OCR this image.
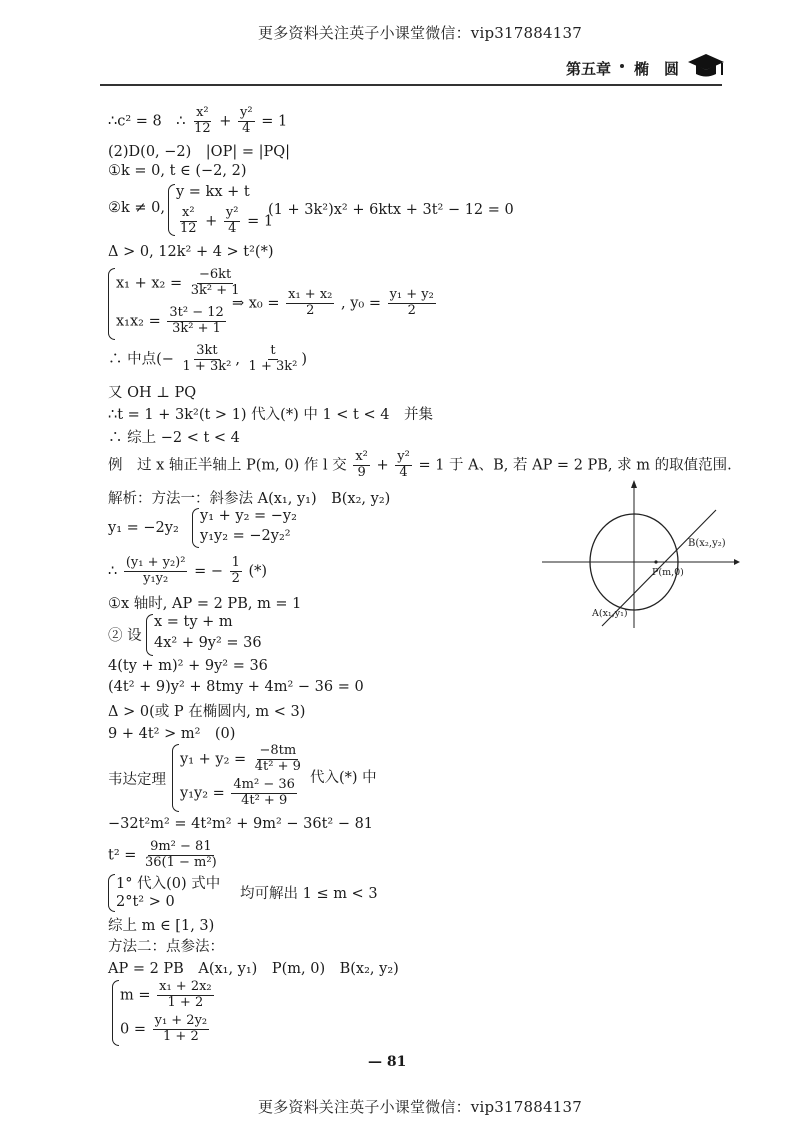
更多资料关注英子小课堂微信：vip317884137
第五章 椭　圆
∴c² = 8　∴ $\frac{\text{x²}}{12} + \frac{\text{y²}}{4} = 1$
(2)D(0, −2)　|OP| = |PQ|
①k = 0, t ∈ (−2, 2)
②k ≠ 0,
y = kx + t
$\frac{\text{x²}}{12} + \frac{\text{y²}}{4} = 1$
(1 + 3k²)x² + 6ktx + 3t² − 12 = 0
Δ > 0, 12k² + 4 > t²(*)
$x_1 + x_2 = \frac{-6kt}{\text{3k² + 1}}$
$x_1x_2 = \frac{\text{3t² − 12}}{\text{3k² + 1}}$
⇒ $x_0 = \frac{\text{x₁ + x₂}}{2}$ , $y_0 = \frac{\text{y₁ + y₂}}{2}$
∴ 中点(− $\frac{3kt}{\text{1 + 3k²}}$ , $\frac{t}{\text{1 + 3k²}}$ )
又 OH ⊥ PQ
∴t = 1 + 3k²(t > 1) 代入(*) 中 1 < t < 4　并集
∴ 综上 −2 < t < 4
例　过 x 轴正半轴上 P(m, 0) 作 l 交 $\frac{\text{x²}}{9} + \frac{\text{y²}}{4} = 1$ 于 A、B, 若 AP = 2 PB, 求 m 的取值范围.
解析：方法一：斜参法 A(x₁, y₁)　B(x₂, y₂)
y₁ = −2y₂
y₁ + y₂ = −y₂
y₁y₂ = −2y₂²
∴ $\frac{\text{(y₁ + y₂)²}}{\text{y₁y₂}}$ = − $\frac{1}{2}$ (*)
①x 轴时, AP = 2 PB, m = 1
② 设
x = ty + m
4x² + 9y² = 36
4(ty + m)² + 9y² = 36
(4t² + 9)y² + 8tmy + 4m² − 36 = 0
Δ > 0(或 P 在椭圆内, m < 3)
9 + 4t² > m²　(0)
韦达定理
$y_1 + y_2 = \frac{-8tm}{\text{4t² + 9}}$
$y_1y_2 = \frac{\text{4m² − 36}}{\text{4t² + 9}}$ 代入(*) 中
−32t²m² = 4t²m² + 9m² − 36t² − 81
$t^2 = \frac{\text{9m² − 81}}{\text{36(1 − m²)}}$
1° 代入(0) 式中
2°t² > 0	均可解出 1 ≤ m < 3
综上 m ∈ [1, 3)
方法二：点参法：
AP = 2 PB　A(x₁, y₁)　P(m, 0)　B(x₂, y₂)
$m = \frac{\text{x₁ + 2x₂}}{1 + 2}$
$0 = \frac{\text{y₁ + 2y₂}}{1 + 2}$
B(x₂,y₂)
P(m,0)
A(x₁,y₁)
— 81
更多资料关注英子小课堂微信：vip317884137
